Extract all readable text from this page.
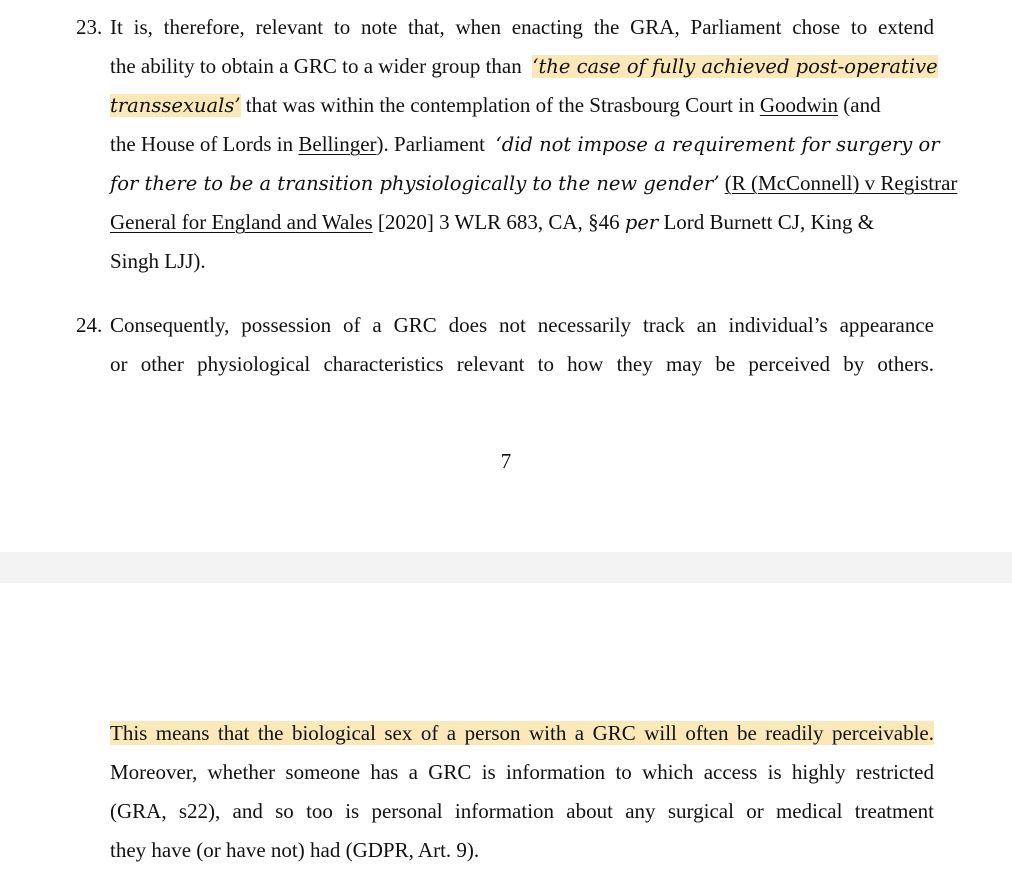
23. It is, therefore, relevant to note that, when enacting the GRA, Parliament chose to extend
the ability to obtain a GRC to a wider group than ‘the case of fully achieved post-operative
transsexuals’ that was within the contemplation of the Strasbourg Court in Goodwin (and
the House of Lords in Bellinger). Parliament ‘did not impose a requirement for surgery or
for there to be a transition physiologically to the new gender’ (R (McConnell) v Registrar
General for England and Wales [2020] 3 WLR 683, CA, §46 per Lord Burnett CJ, King &
Singh LJJ).
24. Consequently, possession of a GRC does not necessarily track an individual’s appearance
or other physiological characteristics relevant to how they may be perceived by others.
7
This means that the biological sex of a person with a GRC will often be readily perceivable.
Moreover, whether someone has a GRC is information to which access is highly restricted
(GRA, s22), and so too is personal information about any surgical or medical treatment
they have (or have not) had (GDPR, Art. 9).
